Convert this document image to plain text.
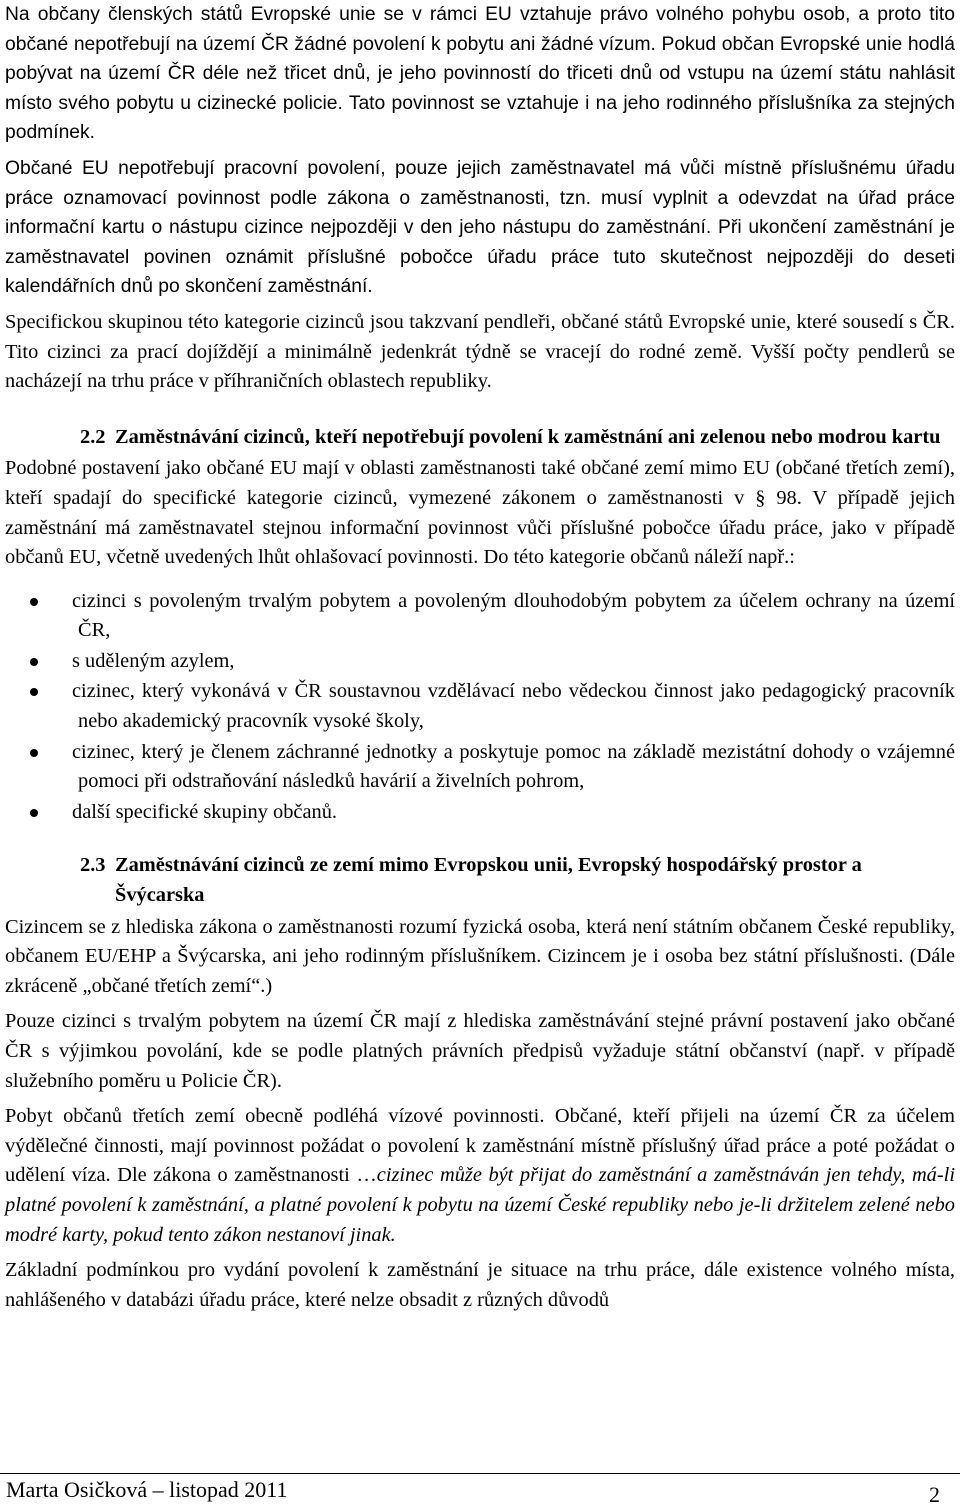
Na občany členských států Evropské unie se v rámci EU vztahuje právo volného pohybu osob, a proto tito občané nepotřebují na území ČR žádné povolení k pobytu ani žádné vízum. Pokud občan Evropské unie hodlá pobývat na území ČR déle než třicet dnů, je jeho povinností do třiceti dnů od vstupu na území státu nahlásit místo svého pobytu u cizinecké policie. Tato povinnost se vztahuje i na jeho rodinného příslušníka za stejných podmínek.

Občané EU nepotřebují pracovní povolení, pouze jejich zaměstnavatel má vůči místně příslušnému úřadu práce oznamovací povinnost podle zákona o zaměstnanosti, tzn. musí vyplnit a odevzdat na úřad práce informační kartu o nástupu cizince nejpozději v den jeho nástupu do zaměstnání. Při ukončení zaměstnání je zaměstnavatel povinen oznámit příslušné pobočce úřadu práce tuto skutečnost nejpozději do deseti kalendářních dnů po skončení zaměstnání.

Specifickou skupinou této kategorie cizinců jsou takzvaní pendleři, občané států Evropské unie, které sousedí s ČR. Tito cizinci za prací dojíždějí a minimálně jedenkrát týdně se vracejí do rodné země. Vyšší počty pendlerů se nacházejí na trhu práce v příhraničních oblastech republiky.

2.2 Zaměstnávání cizinců, kteří nepotřebují povolení k zaměstnání ani zelenou nebo modrou kartu

Podobné postavení jako občané EU mají v oblasti zaměstnanosti také občané zemí mimo EU (občané třetích zemí), kteří spadají do specifické kategorie cizinců, vymezené zákonem o zaměstnanosti v § 98. V případě jejich zaměstnání má zaměstnavatel stejnou informační povinnost vůči příslušné pobočce úřadu práce, jako v případě občanů EU, včetně uvedených lhůt ohlašovací povinnosti. Do této kategorie občanů náleží např.:

cizinci s povoleným trvalým pobytem a povoleným dlouhodobým pobytem za účelem ochrany na území ČR,
s uděleným azylem,
cizinec, který vykonává v ČR soustavnou vzdělávací nebo vědeckou činnost jako pedagogický pracovník nebo akademický pracovník vysoké školy,
cizinec, který je členem záchranné jednotky a poskytuje pomoc na základě mezistátní dohody o vzájemné pomoci při odstraňování následků havárií a živelních pohrom,
další specifické skupiny občanů.
2.3 Zaměstnávání cizinců ze zemí mimo Evropskou unii, Evropský hospodářský prostor a Švýcarska

Cizincem se z hlediska zákona o zaměstnanosti rozumí fyzická osoba, která není státním občanem České republiky, občanem EU/EHP a Švýcarska, ani jeho rodinným příslušníkem. Cizincem je i osoba bez státní příslušnosti. (Dále zkráceně „občané třetích zemí“.)

Pouze cizinci s trvalým pobytem na území ČR mají z hlediska zaměstnávání stejné právní postavení jako občané ČR s výjimkou povolání, kde se podle platných právních předpisů vyžaduje státní občanství (např. v případě služebního poměru u Policie ČR).

Pobyt občanů třetích zemí obecně podléhá vízové povinnosti. Občané, kteří přijeli na území ČR za účelem výdělečné činnosti, mají povinnost požádat o povolení k zaměstnání místně příslušný úřad práce a poté požádat o udělení víza. Dle zákona o zaměstnanosti …cizinec může být přijat do zaměstnání a zaměstnáván jen tehdy, má-li platné povolení k zaměstnání, a platné povolení k pobytu na území České republiky nebo je-li držitelem zelené nebo modré karty, pokud tento zákon nestanoví jinak.

Základní podmínkou pro vydání povolení k zaměstnání je situace na trhu práce, dále existence volného místa, nahlášeného v databázi úřadu práce, které nelze obsadit z různých důvodů

Marta Osičková – listopad 2011	2
